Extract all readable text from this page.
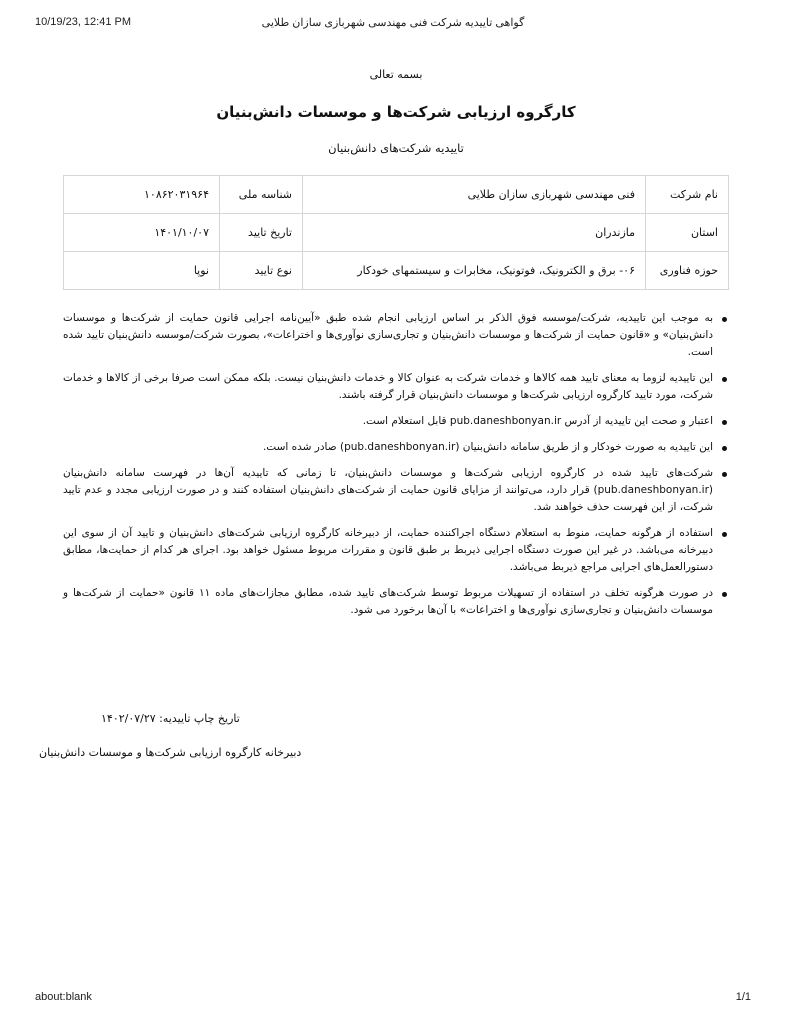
10/19/23, 12:41 PM	گواهی تاییدیه شرکت فنی مهندسی شهربازی سازان طلایی
بسمه تعالی
کارگروه ارزیابی شرکت‌ها و موسسات دانش‌بنیان
تاییدیه شرکت‌های دانش‌بنیان
نام شرکت	فنی مهندسی شهربازی سازان طلایی	شناسه ملی	۱۰۸۶۲۰۳۱۹۶۴
استان	مازندران	تاریخ تایید	۱۴۰۱/۱۰/۰۷
حوزه فناوری	۰۶- برق و الکترونیک، فوتونیک، مخابرات و سیستمهای خودکار	نوع تایید	نوپا
به موجب این تاییدیه، شرکت/موسسه فوق الذکر بر اساس ارزیابی انجام شده طبق «آیین‌نامه اجرایی قانون حمایت از شرکت‌ها و موسسات دانش‌بنیان» و «قانون حمایت از شرکت‌ها و موسسات دانش‌بنیان و تجاری‌سازی نوآوری‌ها و اختراعات»، بصورت شرکت/موسسه دانش‌بنیان تایید شده است.
این تاییدیه لزوما به معنای تایید همه کالاها و خدمات شرکت به عنوان کالا و خدمات دانش‌بنیان نیست. بلکه ممکن است صرفا برخی از کالاها و خدمات شرکت، مورد تایید کارگروه ارزیابی شرکت‌ها و موسسات دانش‌بنیان قرار گرفته باشند.
اعتبار و صحت این تاییدیه از آدرس pub.daneshbonyan.ir قابل استعلام است.
این تاییدیه به صورت خودکار و از طریق سامانه دانش‌بنیان (pub.daneshbonyan.ir) صادر شده است.
شرکت‌های تایید شده در کارگروه ارزیابی شرکت‌ها و موسسات دانش‌بنیان، تا زمانی که تاییدیه آن‌ها در فهرست سامانه دانش‌بنیان (pub.daneshbonyan.ir) قرار دارد، می‌توانند از مزایای قانون حمایت از شرکت‌های دانش‌بنیان استفاده کنند و در صورت ارزیابی مجدد و عدم تایید شرکت، از این فهرست حذف خواهند شد.
استفاده از هرگونه حمایت، منوط به استعلام دستگاه اجراکننده حمایت، از دبیرخانه کارگروه ارزیابی شرکت‌های دانش‌بنیان و تایید آن از سوی این دبیرخانه می‌باشد. در غیر این صورت دستگاه اجرایی ذیربط بر طبق قانون و مقررات مربوط مسئول خواهد بود. اجرای هر کدام از حمایت‌ها، مطابق دستورالعمل‌های اجرایی مراجع ذیربط می‌باشد.
در صورت هرگونه تخلف در استفاده از تسهیلات مربوط توسط شرکت‌های تایید شده، مطابق مجازات‌های ماده ۱۱ قانون «حمایت از شرکت‌ها و موسسات دانش‌بنیان و تجاری‌سازی نوآوری‌ها و اختراعات» با آن‌ها برخورد می شود.
تاریخ چاپ تاییدیه: ۱۴۰۲/۰۷/۲۷
دبیرخانه کارگروه ارزیابی شرکت‌ها و موسسات دانش‌بنیان
about:blank	1/1
